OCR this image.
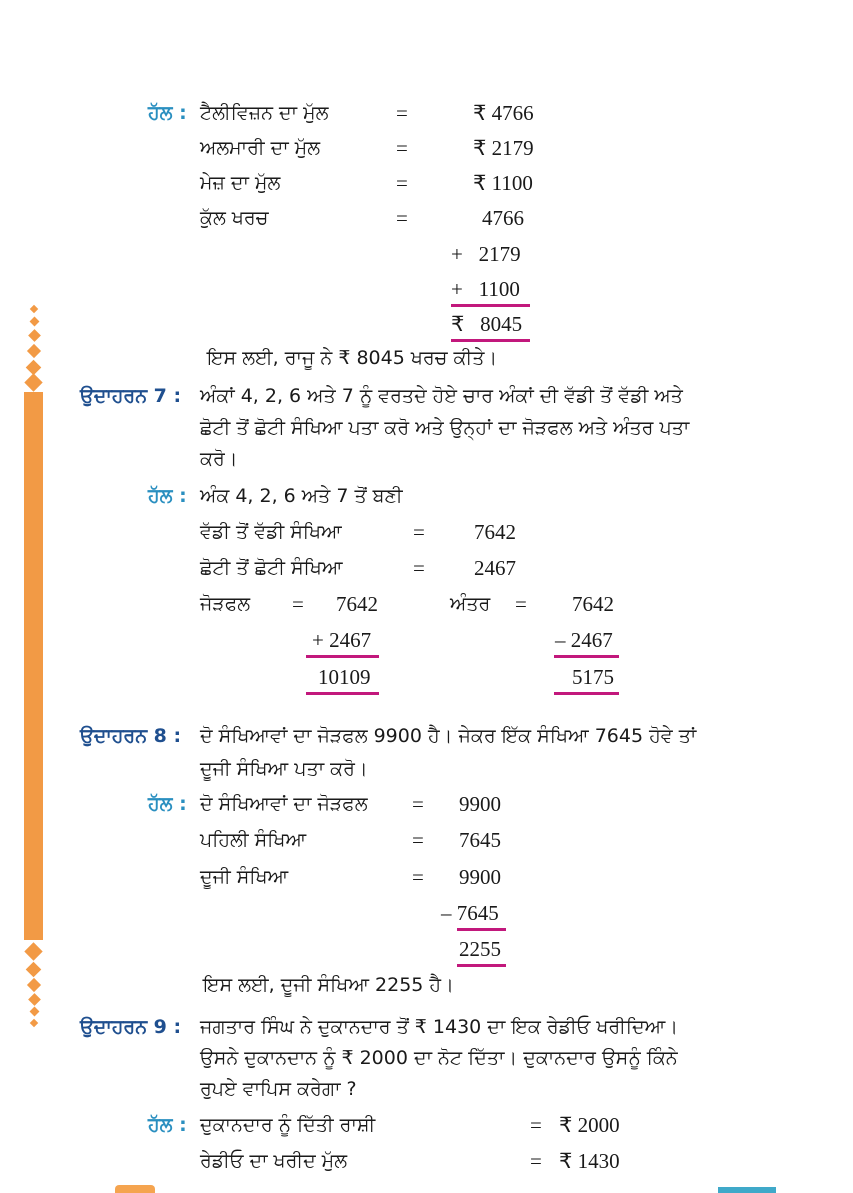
ਹੱਲ : ਟੈਲੀਵਿਜ਼ਨ ਦਾ ਮੁੱਲ	=	₹ 4766
ਅਲਮਾਰੀ ਦਾ ਮੁੱਲ	=	₹ 2179
ਮੇਜ਼ ਦਾ ਮੁੱਲ	=	₹ 1100
ਕੁੱਲ ਖਰਚ	=	4766
+   2179
+   1100
₹   8045
ਇਸ ਲਈ, ਰਾਜੂ ਨੇ ₹ 8045 ਖਰਚ ਕੀਤੇ।
ਉਦਾਹਰਨ 7 : ਅੰਕਾਂ 4, 2, 6 ਅਤੇ 7 ਨੂੰ ਵਰਤਦੇ ਹੋਏ ਚਾਰ ਅੰਕਾਂ ਦੀ ਵੱਡੀ ਤੋਂ ਵੱਡੀ ਅਤੇ
ਛੋਟੀ ਤੋਂ ਛੋਟੀ ਸੰਖਿਆ ਪਤਾ ਕਰੋ ਅਤੇ ਉਨ੍ਹਾਂ ਦਾ ਜੋੜਫਲ ਅਤੇ ਅੰਤਰ ਪਤਾ
ਕਰੋ।
ਹੱਲ : ਅੰਕ 4, 2, 6 ਅਤੇ 7 ਤੋਂ ਬਣੀ
ਵੱਡੀ ਤੋਂ ਵੱਡੀ ਸੰਖਿਆ	= 7642
ਛੋਟੀ ਤੋਂ ਛੋਟੀ ਸੰਖਿਆ	= 2467
ਜੋੜਫਲ = 7642
+ 2467
10109
ਅੰਤਰ = 7642
– 2467
5175
ਉਦਾਹਰਨ 8 : ਦੋ ਸੰਖਿਆਵਾਂ ਦਾ ਜੋੜਫਲ 9900 ਹੈ। ਜੇਕਰ ਇੱਕ ਸੰਖਿਆ 7645 ਹੋਵੇ ਤਾਂ
ਦੂਜੀ ਸੰਖਿਆ ਪਤਾ ਕਰੋ।
ਹੱਲ : ਦੋ ਸੰਖਿਆਵਾਂ ਦਾ ਜੋੜਫਲ = 9900
ਪਹਿਲੀ ਸੰਖਿਆ	= 7645
ਦੂਜੀ ਸੰਖਿਆ	= 9900
– 7645
2255
ਇਸ ਲਈ, ਦੂਜੀ ਸੰਖਿਆ 2255 ਹੈ।
ਉਦਾਹਰਨ 9 : ਜਗਤਾਰ ਸਿੰਘ ਨੇ ਦੁਕਾਨਦਾਰ ਤੋਂ ₹ 1430 ਦਾ ਇਕ ਰੇਡੀਓ ਖਰੀਦਿਆ।
ਉਸਨੇ ਦੁਕਾਨਦਾਨ ਨੂੰ ₹ 2000 ਦਾ ਨੋਟ ਦਿੱਤਾ। ਦੁਕਾਨਦਾਰ ਉਸਨੂੰ ਕਿੰਨੇ
ਰੁਪਏ ਵਾਪਿਸ ਕਰੇਗਾ ?
ਹੱਲ : ਦੁਕਾਨਦਾਰ ਨੂੰ ਦਿੱਤੀ ਰਾਸ਼ੀ	= ₹ 2000
ਰੇਡੀਓ ਦਾ ਖਰੀਦ ਮੁੱਲ	= ₹ 1430
